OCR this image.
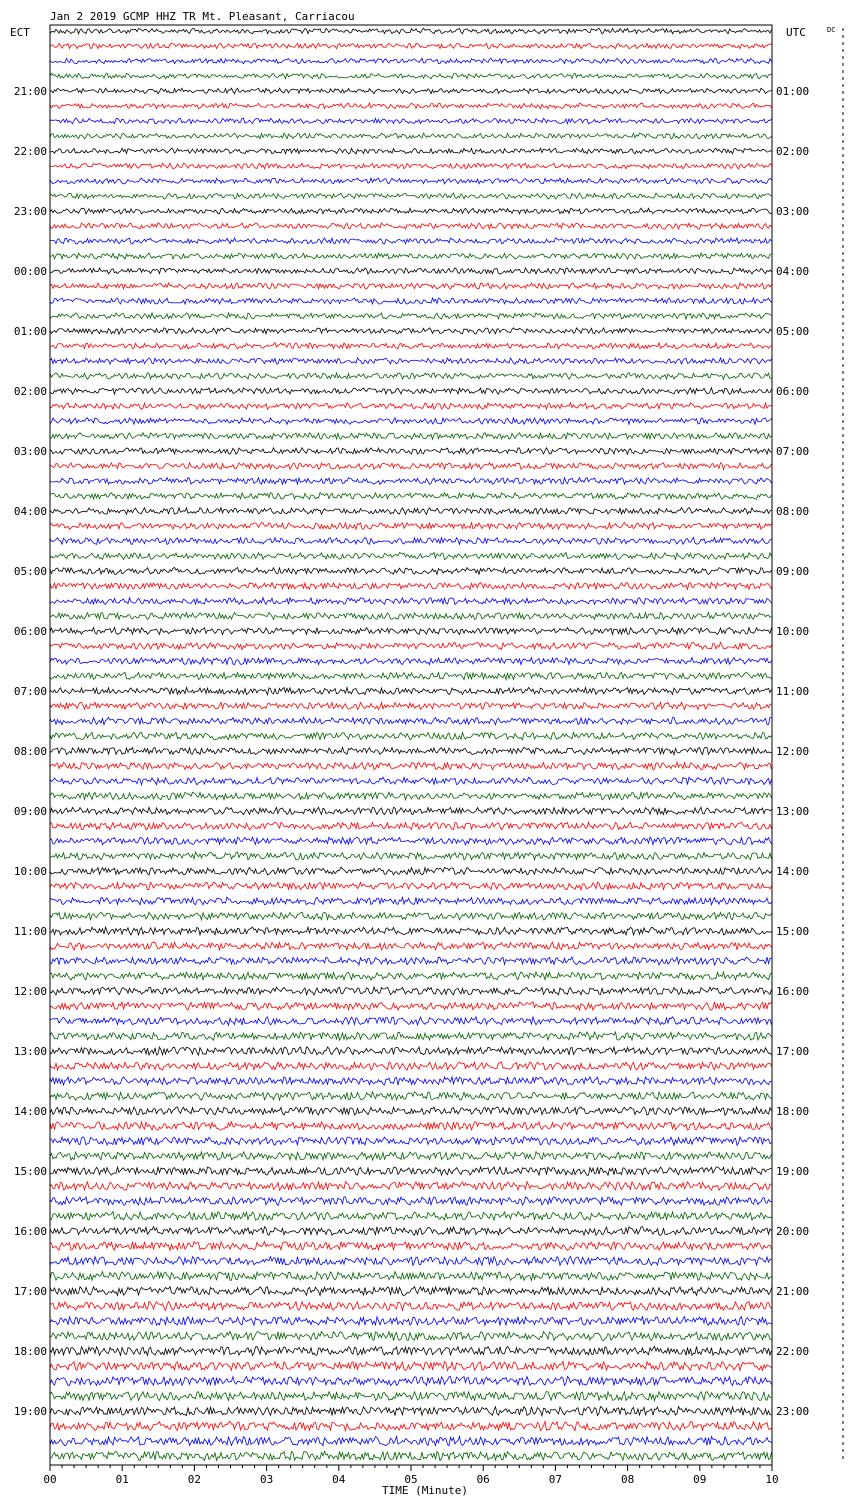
Jan 2 2019 GCMP HHZ TR Mt. Pleasant, Carriacou
ECT	UTC	DC
21:00
22:00
23:00
00:00
01:00
02:00
03:00
04:00
05:00
06:00
07:00
08:00
09:00
10:00
11:00
12:00
13:00
14:00
15:00
16:00
17:00
18:00
19:00
01:00
02:00
03:00
04:00
05:00
06:00
07:00
08:00
09:00
10:00
11:00
12:00
13:00
14:00
15:00
16:00
17:00
18:00
19:00
20:00
21:00
22:00
23:00
00	01	02	03	04	05	06	07	08	09	10
TIME (Minute)
